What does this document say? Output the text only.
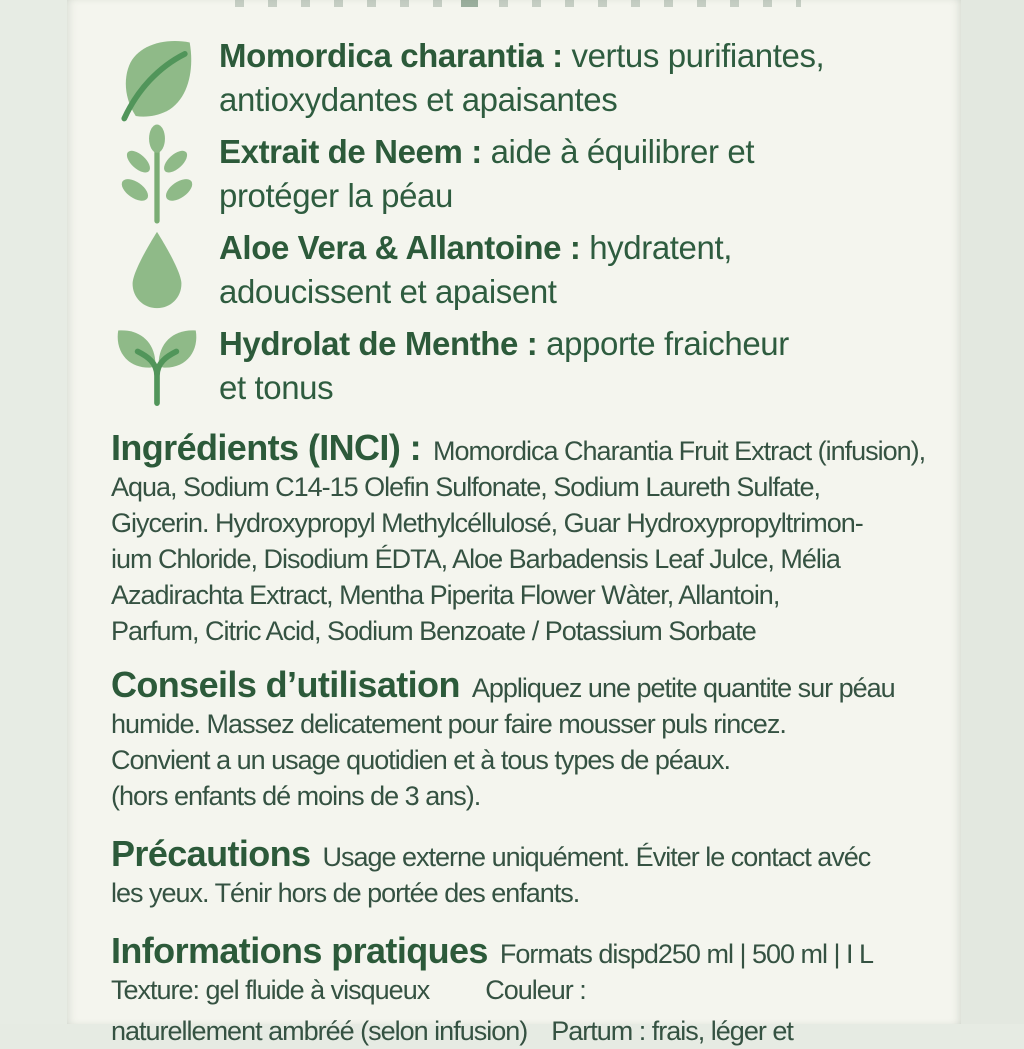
Momordica charantia : vertus purifiantes,
antioxydantes et apaisantes
Extrait de Neem : aide à équilibrer et
protéger la péau
Aloe Vera & Allantoine : hydratent,
adoucissent et apaisent
Hydrolat de Menthe : apporte fraicheur
et tonus

Ingrédients (INCI) : Momordica Charantia Fruit Extract (infusion),
Aqua, Sodium C14-15 Olefin Sulfonate, Sodium Laureth Sulfate,
Giycerin. Hydroxypropyl Methylcéllulosé, Guar Hydroxypropyltrimon-
ium Chloride, Disodium ÉDTA, Aloe Barbadensis Leaf Julce, Mélia
Azadirachta Extract, Mentha Piperita Flower Wàter, Allantoin,
Parfum, Citric Acid, Sodium Benzoate / Potassium Sorbate

Conseils d’utilisation Appliquez une petite quantite sur péau
humide. Massez delicatement pour faire mousser puls rincez.
Convient a un usage quotidien et à tous types de péaux.
(hors enfants dé moins de 3 ans).

Précautions Usage externe uniquément. Éviter le contact avéc
les yeux. Ténir hors de portée des enfants.

Informations pratiques Formats dispd250 ml | 500 ml | I L
Texture: gel fluide à visqueux Couleur :
naturellement ambréé (selon infusion) Partum : frais, léger et
